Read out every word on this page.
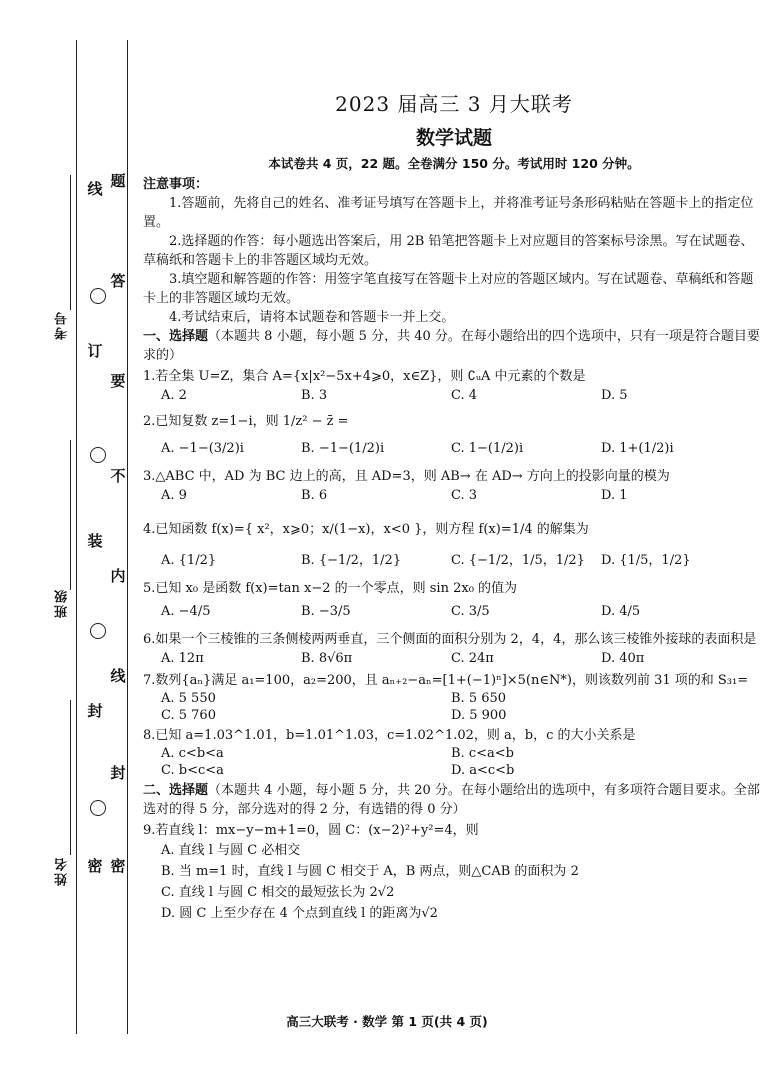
题
答
要
不
内
线
封
密
线
订
装
封
密
考号
班级
姓名
2023 届高三 3 月大联考
数学试题
本试卷共 4 页，22 题。全卷满分 150 分。考试用时 120 分钟。

注意事项：

1.答题前，先将自己的姓名、准考证号填写在答题卡上，并将准考证号条形码粘贴在答题卡上的指定位置。

2.选择题的作答：每小题选出答案后，用 2B 铅笔把答题卡上对应题目的答案标号涂黑。写在试题卷、草稿纸和答题卡上的非答题区域均无效。

3.填空题和解答题的作答：用签字笔直接写在答题卡上对应的答题区域内。写在试题卷、草稿纸和答题卡上的非答题区域均无效。

4.考试结束后，请将本试题卷和答题卡一并上交。

一、选择题（本题共 8 小题，每小题 5 分，共 40 分。在每小题给出的四个选项中，只有一项是符合题目要求的）

1.若全集 U=Z，集合 A={x|x²−5x+4⩾0，x∈Z}，则 ∁ᵤA 中元素的个数是

A. 2	B. 3	C. 4	D. 5

2.已知复数 z=1−i，则 1/z² − z̄ =

A. −1−(3/2)i	B. −1−(1/2)i	C. 1−(1/2)i	D. 1+(1/2)i

3.△ABC 中，AD 为 BC 边上的高，且 AD=3，则 AB→ 在 AD→ 方向上的投影向量的模为

A. 9	B. 6	C. 3	D. 1

4.已知函数 f(x)={ x²，x⩾0；x/(1−x)，x<0 }，则方程 f(x)=1/4 的解集为

A. {1/2}	B. {−1/2，1/2}	C. {−1/2，1/5，1/2}	D. {1/5，1/2}

5.已知 x₀ 是函数 f(x)=tan x−2 的一个零点，则 sin 2x₀ 的值为

A. −4/5	B. −3/5	C. 3/5	D. 4/5

6.如果一个三棱锥的三条侧棱两两垂直，三个侧面的面积分别为 2，4，4，那么该三棱锥外接球的表面积是

A. 12π	B. 8√6π	C. 24π	D. 40π

7.数列{aₙ}满足 a₁=100，a₂=200，且 aₙ₊₂−aₙ=[1+(−1)ⁿ]×5(n∈N*)，则该数列前 31 项的和 S₃₁=

A. 5 550	B. 5 650
C. 5 760	D. 5 900

8.已知 a=1.03^1.01，b=1.01^1.03，c=1.02^1.02，则 a，b，c 的大小关系是

A. c<b<a	B. c<a<b
C. b<c<a	D. a<c<b

二、选择题（本题共 4 小题，每小题 5 分，共 20 分。在每小题给出的选项中，有多项符合题目要求。全部选对的得 5 分，部分选对的得 2 分，有选错的得 0 分）

9.若直线 l：mx−y−m+1=0，圆 C：(x−2)²+y²=4，则

A. 直线 l 与圆 C 必相交
B. 当 m=1 时，直线 l 与圆 C 相交于 A，B 两点，则△CAB 的面积为 2
C. 直线 l 与圆 C 相交的最短弦长为 2√2
D. 圆 C 上至少存在 4 个点到直线 l 的距离为√2
高三大联考 · 数学 第 1 页(共 4 页)
